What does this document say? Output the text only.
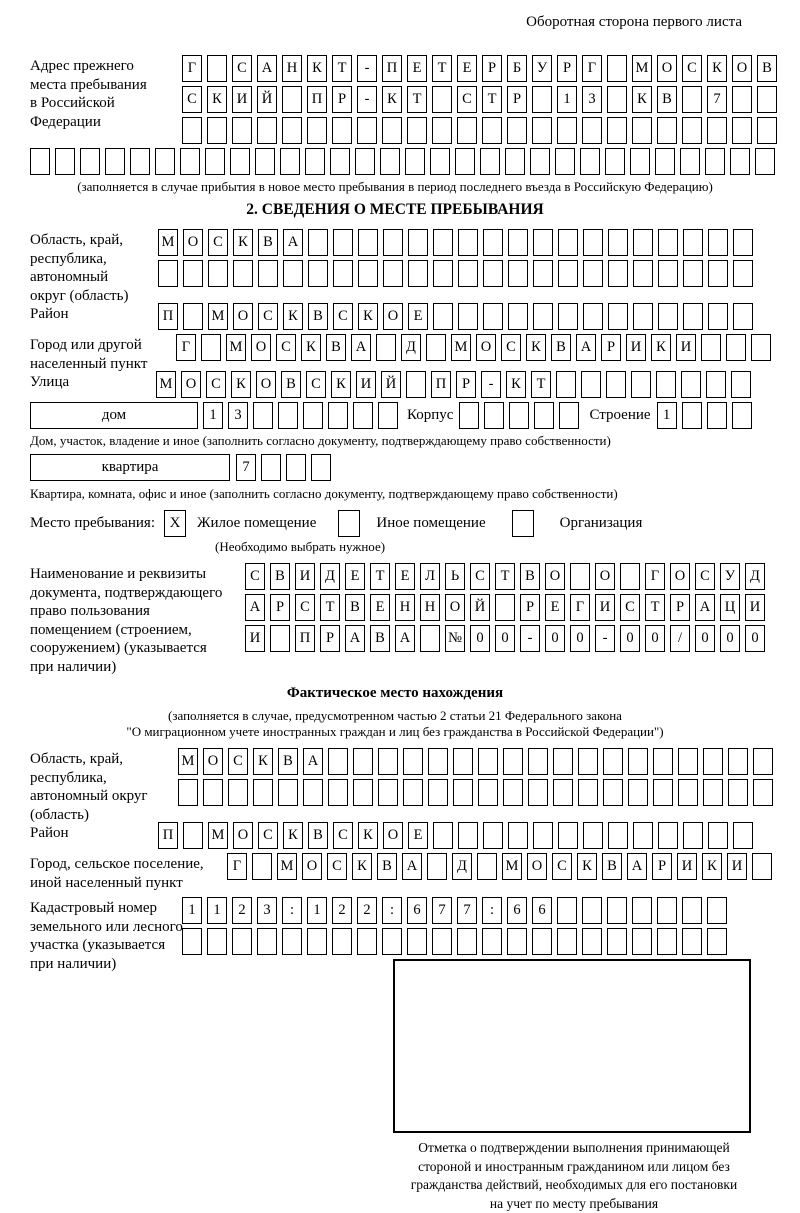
Оборотная сторона первого листа
Адрес прежнего
места пребывания
в Российской
Федерации
Г	С	А	Н	К	Т	-	П	Е	Т	Е	Р	Б	У	Р	Г	М О	С	К	О	В
С	К	И	Й	П	Р	-	К	Т	С	Т	Р	1	3	К	В	7
(заполняется в случае прибытия в новое место пребывания в период последнего въезда в Российскую Федерацию)
2. СВЕДЕНИЯ О МЕСТЕ ПРЕБЫВАНИЯ
Область, край,
республика,
автономный
округ (область)
М О	С	К	В	А
Район	П	М О	С	К	В	С	К	О	Е
Город или другой
населенный пункт
Г	М О	С	К	В	А	Д	М О	С	К	В	А	Р	И	К	И
Улица	М О	С	К	О	В	С	К	И	Й	П	Р	-	К	Т
дом	1	3	Корпус	Строение 1
Дом, участок, владение и иное (заполнить согласно документу, подтверждающему право собственности)
квартира	7
Квартира, комната, офис и иное (заполнить согласно документу, подтверждающему право собственности)
Место пребывания: X	Жилое помещение	Иное помещение	Организация
(Необходимо выбрать нужное)
Наименование и реквизиты
документа, подтверждающего
право пользования
помещением (строением,
сооружением) (указывается
при наличии)
С	В	И	Д	Е	Т	Е	Л	Ь	С	Т	В	О	О	Г	О	С	У	Д
А	Р	С	Т	В	Е	Н	Н	О	Й	Р	Е	Г	И	С	Т	Р	А	Ц	И
И	П	Р	А	В	А	№ 0	0	-	0	0	-	0	0	/	0	0	0
Фактическое место нахождения
(заполняется в случае, предусмотренном частью 2 статьи 21 Федерального закона
"О миграционном учете иностранных граждан и лиц без гражданства в Российской Федерации")
Область, край,
республика,
автономный округ
(область)
М О	С	К	В	А
Район	П	М О	С	К	В	С	К	О	Е
Город, сельское поселение,
иной населенный пункт
Г	М О	С	К	В	А	Д	М О	С	К	В	А	Р	И	К	И
Кадастровый номер
земельного или лесного
участка (указывается
при наличии)
1	1	2	3	:	1	2	2	:	6	7	7	:	6	6
Отметка о подтверждении выполнения принимающей
стороной и иностранным гражданином или лицом без
гражданства действий, необходимых для его постановки
на учет по месту пребывания
